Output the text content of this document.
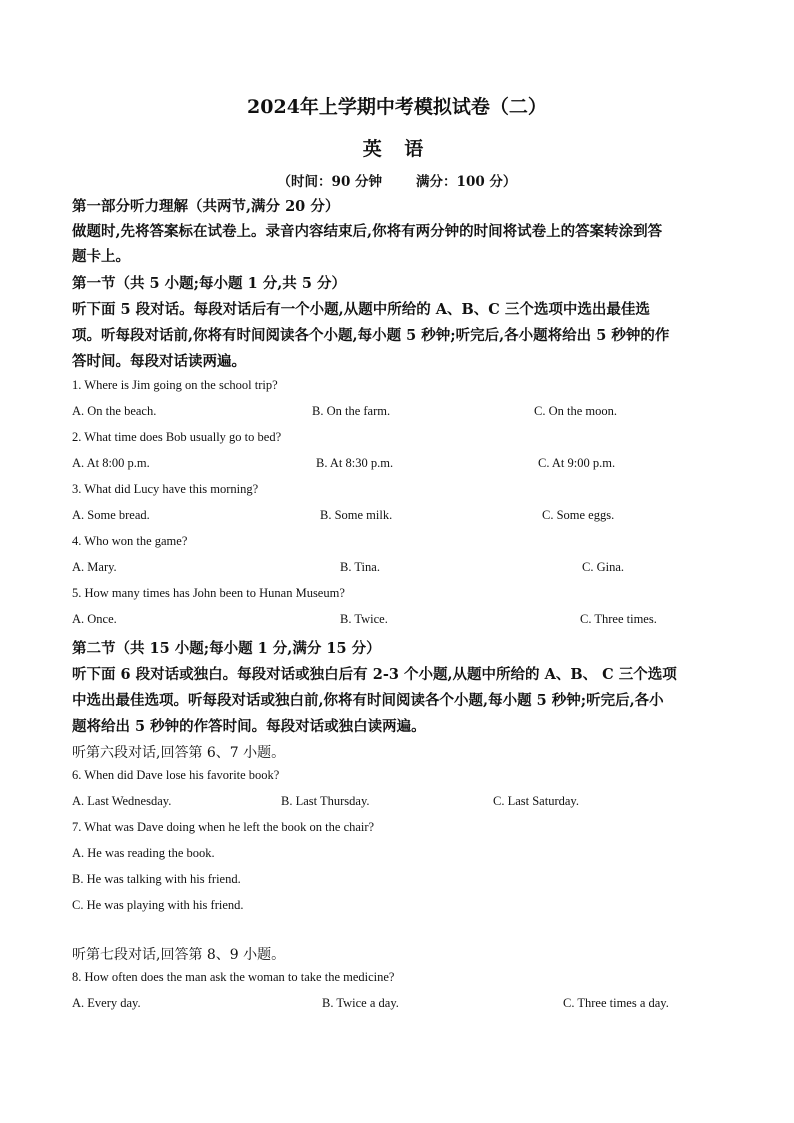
2024年上学期中考模拟试卷（二）
英 语
（时间：90 分钟	满分：100 分）
第一部分听力理解（共两节,满分 20 分）
做题时,先将答案标在试卷上。录音内容结束后,你将有两分钟的时间将试卷上的答案转涂到答
题卡上。
第一节（共 5 小题;每小题 1 分,共 5 分）
听下面 5 段对话。每段对话后有一个小题,从题中所给的 A、B、C 三个选项中选出最佳选
项。听每段对话前,你将有时间阅读各个小题,每小题 5 秒钟;听完后,各小题将给出 5 秒钟的作
答时间。每段对话读两遍。
1. Where is Jim going on the school trip?
A. On the beach.	B. On the farm.	C. On the moon.
2. What time does Bob usually go to bed?
A. At 8:00 p.m.	B. At 8:30 p.m.	C. At 9:00 p.m.
3. What did Lucy have this morning?
A. Some bread.	B. Some milk.	C. Some eggs.
4. Who won the game?
A. Mary.	B. Tina.	C. Gina.
5. How many times has John been to Hunan Museum?
A. Once.	B. Twice.	C. Three times.
第二节（共 15 小题;每小题 1 分,满分 15 分）
听下面 6 段对话或独白。每段对话或独白后有 2-3 个小题,从题中所给的 A、B、 C 三个选项
中选出最佳选项。听每段对话或独白前,你将有时间阅读各个小题,每小题 5 秒钟;听完后,各小
题将给出 5 秒钟的作答时间。每段对话或独白读两遍。
听第六段对话,回答第 6、7 小题。
6. When did Dave lose his favorite book?
A. Last Wednesday.	B. Last Thursday.	C. Last Saturday.
7. What was Dave doing when he left the book on the chair?
A. He was reading the book.
B. He was talking with his friend.
C. He was playing with his friend.
听第七段对话,回答第 8、9 小题。
8. How often does the man ask the woman to take the medicine?
A. Every day.	B. Twice a day.	C. Three times a day.
